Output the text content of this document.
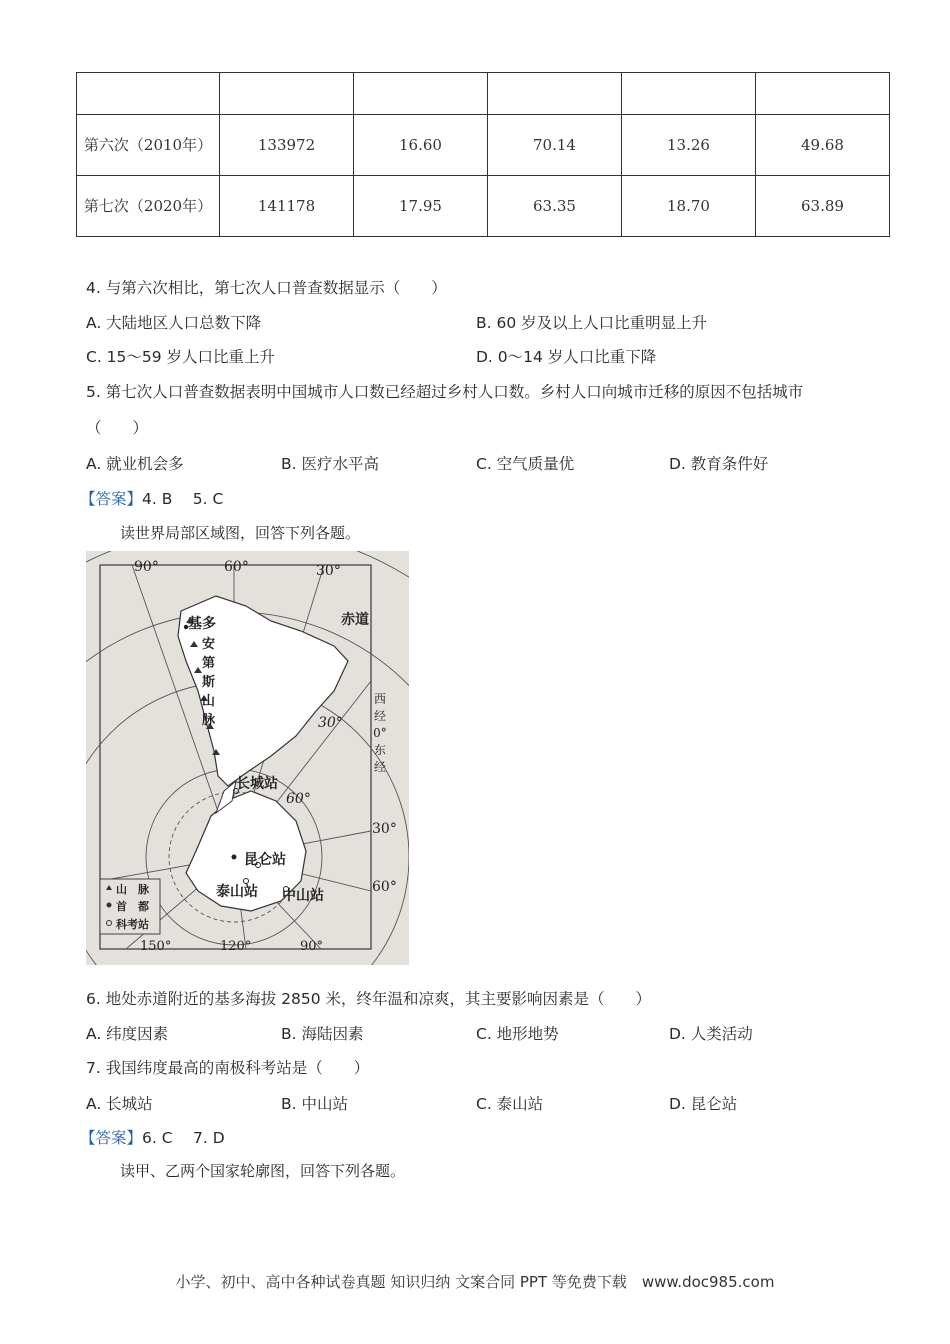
第六次（2010年）	133972	16.60	70.14	13.26	49.68
第七次（2020年）	141178	17.95	63.35	18.70	63.89
4. 与第六次相比，第七次人口普查数据显示（　　）
A. 大陆地区人口总数下降	B. 60 岁及以上人口比重明显上升
C. 15～59 岁人口比重上升	D. 0～14 岁人口比重下降
5. 第七次人口普查数据表明中国城市人口数已经超过乡村人口数。乡村人口向城市迁移的原因不包括城市
（　　）
A. 就业机会多	B. 医疗水平高	C. 空气质量优	D. 教育条件好
【答案】4. B　 5. C
读世界局部区域图，回答下列各题。
90°	60°	30°
赤道
基多
安
第
斯
山
脉
西
经
0°
东
经
30°
60°
长城站
30°
60°
昆仑站
泰山站 中山站
山　脉
首　都
科考站
150°	120°	90°
6. 地处赤道附近的基多海拔 2850 米，终年温和凉爽，其主要影响因素是（　　）
A. 纬度因素	B. 海陆因素	C. 地形地势	D. 人类活动
7. 我国纬度最高的南极科考站是（　　）
A. 长城站	B. 中山站	C. 泰山站	D. 昆仑站
【答案】6. C　 7. D
读甲、乙两个国家轮廓图，回答下列各题。
小学、初中、高中各种试卷真题 知识归纳 文案合同 PPT 等免费下载　www.doc985.com
